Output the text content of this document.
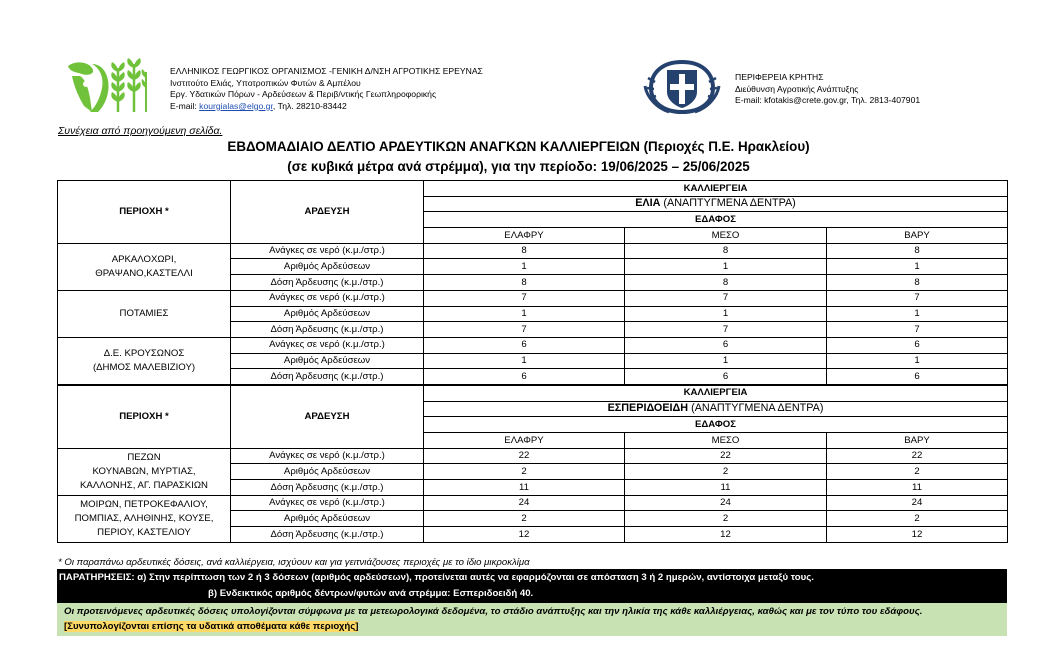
ΕΛΛΗΝΙΚΟΣ ΓΕΩΡΓΙΚΟΣ ΟΡΓΑΝΙΣΜΟΣ -ΓΕΝΙΚΗ Δ/ΝΣΗ ΑΓΡΟΤΙΚΗΣ ΕΡΕΥΝΑΣ
Ινστιτούτο Ελιάς, Υποτροπικών Φυτών & Αμπέλου
Εργ. Υδατικών Πόρων - Αρδεύσεων & Περιβ/ντικής Γεωπληροφορικής
E-mail: kourgialas@elgo.gr, Τηλ. 28210-83442
ΠΕΡΙΦΕΡΕΙΑ ΚΡΗΤΗΣ
Διεύθυνση Αγροτικής Ανάπτυξης
E-mail: kfotakis@crete.gov.gr, Τηλ. 2813-407901
Συνέχεια από προηγούμενη σελίδα.
ΕΒΔΟΜΑΔΙΑΙΟ ΔΕΛΤΙΟ ΑΡΔΕΥΤΙΚΩΝ ΑΝΑΓΚΩΝ ΚΑΛΛΙΕΡΓΕΙΩΝ (Περιοχές Π.Ε. Ηρακλείου)
(σε κυβικά μέτρα ανά στρέμμα), για την περίοδο: 19/06/2025 – 25/06/2025
ΠΕΡΙΟΧΗ *	ΑΡΔΕΥΣΗ	ΚΑΛΛΙΕΡΓΕΙΑ		
		ΕΛΙΑ (ΑΝΑΠΤΥΓΜΕΝΑ ΔΕΝΤΡΑ)		
		ΕΔΑΦΟΣ		
		ΕΛΑΦΡΥ	ΜΕΣΟ	ΒΑΡΥ

ΑΡΚΑΛΟΧΩΡΙ,
ΘΡΑΨΑΝΟ,ΚΑΣΤΕΛΛΙ	Ανάγκες σε νερό (κ.μ./στρ.)	8	8	8
	Αριθμός Αρδεύσεων	1	1	1
	Δόση Άρδευσης (κ.μ./στρ.)	8	8	8

ΠΟΤΑΜΙΕΣ	Ανάγκες σε νερό (κ.μ./στρ.)	7	7	7
	Αριθμός Αρδεύσεων	1	1	1
	Δόση Άρδευσης (κ.μ./στρ.)	7	7	7

Δ.Ε. ΚΡΟΥΣΩΝΟΣ
(ΔΗΜΟΣ ΜΑΛΕΒΙΖΙΟΥ)	Ανάγκες σε νερό (κ.μ./στρ.)	6	6	6
	Αριθμός Αρδεύσεων	1	1	1
	Δόση Άρδευσης (κ.μ./στρ.)	6	6	6
ΠΕΡΙΟΧΗ *	ΑΡΔΕΥΣΗ	ΚΑΛΛΙΕΡΓΕΙΑ		
		ΕΣΠΕΡΙΔΟΕΙΔΗ (ΑΝΑΠΤΥΓΜΕΝΑ ΔΕΝΤΡΑ)		
		ΕΔΑΦΟΣ		
		ΕΛΑΦΡΥ	ΜΕΣΟ	ΒΑΡΥ

ΠΕΖΩΝ
ΚΟΥΝΑΒΩΝ, ΜΥΡΤΙΑΣ,
ΚΑΛΛΟΝΗΣ, ΑΓ. ΠΑΡΑΣΚΙΩΝ	Ανάγκες σε νερό (κ.μ./στρ.)	22	22	22
	Αριθμός Αρδεύσεων	2	2	2
	Δόση Άρδευσης (κ.μ./στρ.)	11	11	11

ΜΟΙΡΩΝ, ΠΕΤΡΟΚΕΦΑΛΙΟΥ,
ΠΟΜΠΙΑΣ, ΑΛΗΘΙΝΗΣ, ΚΟΥΣΕ,
ΠΕΡΙΟΥ, ΚΑΣΤΕΛΙΟΥ	Ανάγκες σε νερό (κ.μ./στρ.)	24	24	24
	Αριθμός Αρδεύσεων	2	2	2
	Δόση Άρδευσης (κ.μ./στρ.)	12	12	12
* Οι παραπάνω αρδευτικές δόσεις, ανά καλλιέργεια, ισχύουν και για γειτνιάζουσες περιοχές με το ίδιο μικροκλίμα
ΠΑΡΑΤΗΡΗΣΕΙΣ: α) Στην περίπτωση των 2 ή 3 δόσεων (αριθμός αρδεύσεων), προτείνεται αυτές να εφαρμόζονται σε απόσταση 3 ή 2 ημερών, αντίστοιχα μεταξύ τους.
β) Ενδεικτικός αριθμός δέντρων/φυτών ανά στρέμμα: Εσπεριδοειδή 40.
Οι προτεινόμενες αρδευτικές δόσεις υπολογίζονται σύμφωνα με τα μετεωρολογικά δεδομένα, το στάδιο ανάπτυξης και την ηλικία της κάθε καλλιέργειας, καθώς και με τον τύπο του εδάφους. [Συνυπολογίζονται επίσης τα υδατικά αποθέματα κάθε περιοχής]
